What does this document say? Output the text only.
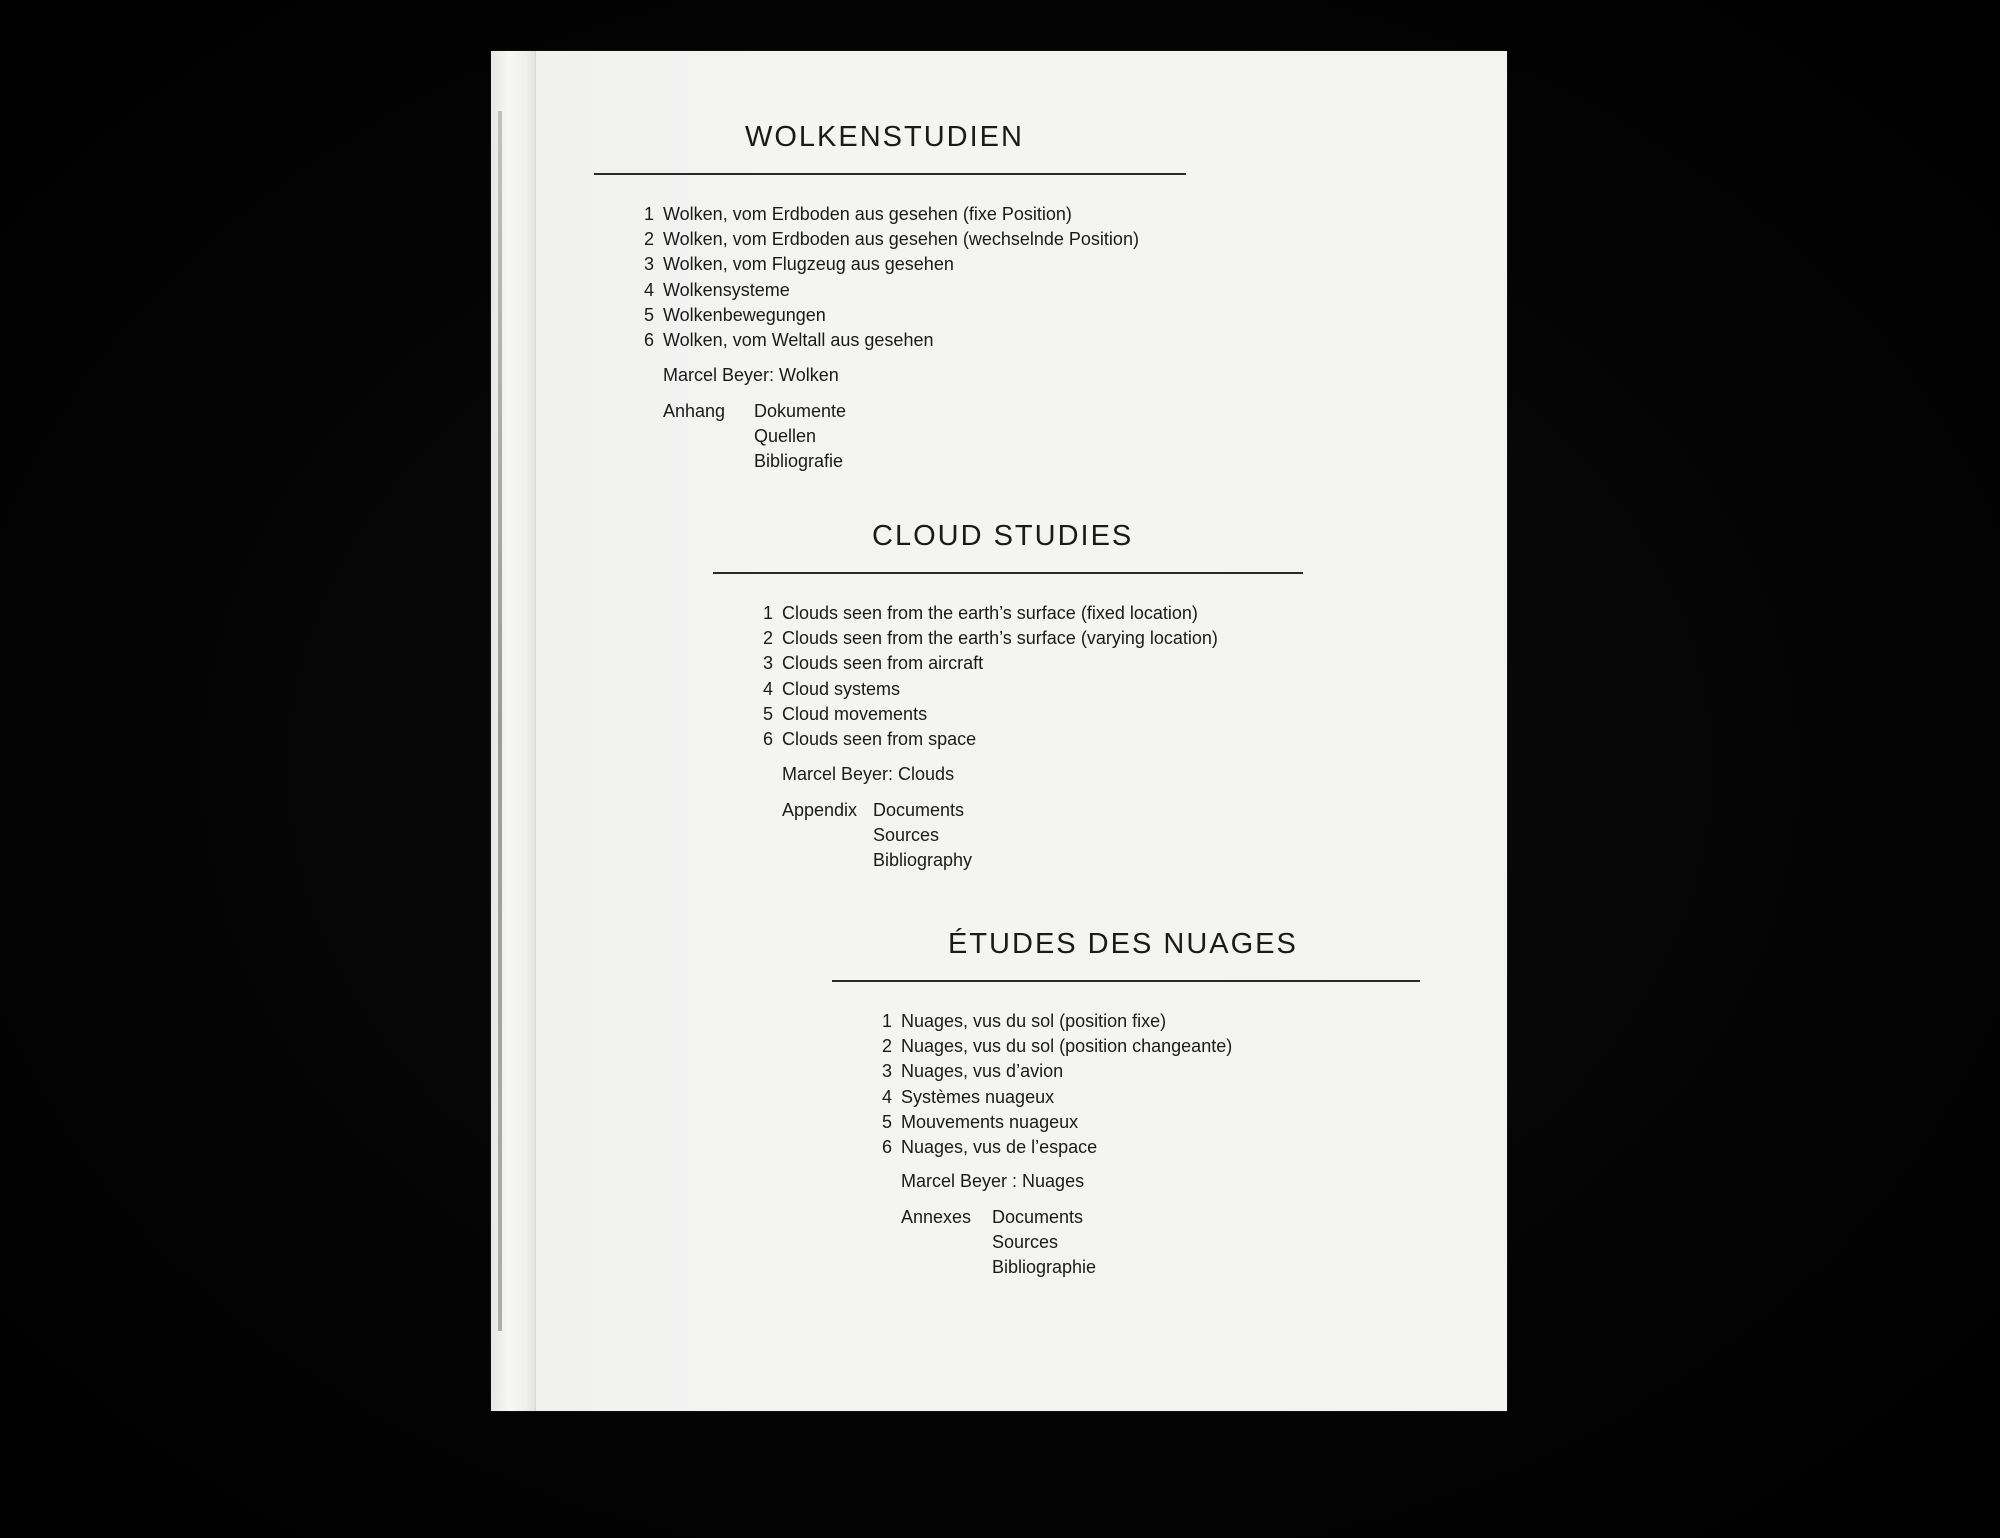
WOLKENSTUDIEN
1 Wolken, vom Erdboden aus gesehen (fixe Position)
2 Wolken, vom Erdboden aus gesehen (wechselnde Position)
3 Wolken, vom Flugzeug aus gesehen
4 Wolkensysteme
5 Wolkenbewegungen
6 Wolken, vom Weltall aus gesehen
Marcel Beyer: Wolken
Anhang Dokumente
Quellen
Bibliografie
CLOUD STUDIES
1 Clouds seen from the earth’s surface (fixed location)
2 Clouds seen from the earth’s surface (varying location)
3 Clouds seen from aircraft
4 Cloud systems
5 Cloud movements
6 Clouds seen from space
Marcel Beyer: Clouds
Appendix Documents
Sources
Bibliography
ÉTUDES DES NUAGES
1 Nuages, vus du sol (position fixe)
2 Nuages, vus du sol (position changeante)
3 Nuages, vus d’avion
4 Systèmes nuageux
5 Mouvements nuageux
6 Nuages, vus de l’espace
Marcel Beyer : Nuages
Annexes Documents
Sources
Bibliographie
